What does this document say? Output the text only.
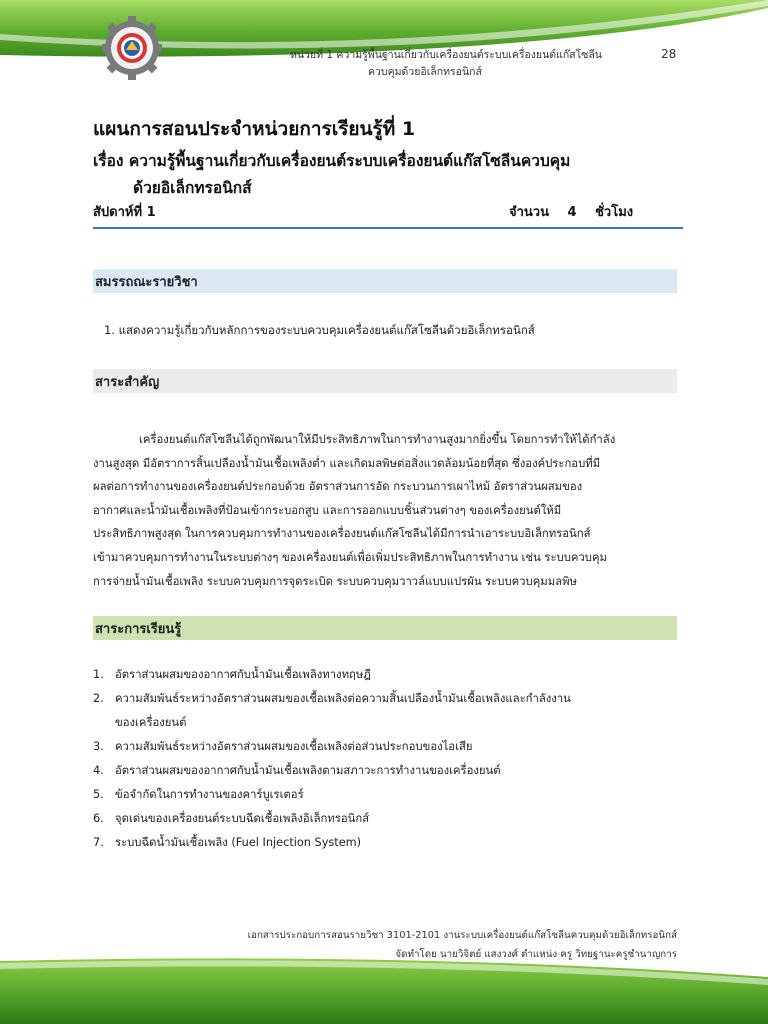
หน่วยที่ 1 ความรู้พื้นฐานเกี่ยวกับเครื่องยนต์ระบบเครื่องยนต์แก๊สโซลีน
ควบคุมด้วยอิเล็กทรอนิกส์
28
แผนการสอนประจำหน่วยการเรียนรู้ที่ 1
เรื่อง ความรู้พื้นฐานเกี่ยวกับเครื่องยนต์ระบบเครื่องยนต์แก๊สโซลีนควบคุม
ด้วยอิเล็กทรอนิกส์
สัปดาห์ที่ 1	จำนวน 4 ชั่วโมง
สมรรถณะรายวิชา
1. แสดงความรู้เกี่ยวกับหลักการของระบบควบคุมเครื่องยนต์แก๊สโซลีนด้วยอิเล็กทรอนิกส์
สาระสำคัญ
เครื่องยนต์แก๊สโซลีนได้ถูกพัฒนาให้มีประสิทธิภาพในการทำงานสูงมากยิ่งขึ้น โดยการทำให้ได้กำลัง
งานสูงสุด มีอัตราการสิ้นเปลืองน้ำมันเชื้อเพลิงต่ำ และเกิดมลพิษต่อสิ่งแวดล้อมน้อยที่สุด ซึ่งองค์ประกอบที่มี
ผลต่อการทำงานของเครื่องยนต์ประกอบด้วย อัตราส่วนการอัด กระบวนการเผาไหม้ อัตราส่วนผสมของ
อากาศและน้ำมันเชื้อเพลิงที่ป้อนเข้ากระบอกสูบ และการออกแบบชิ้นส่วนต่างๆ ของเครื่องยนต์ให้มี
ประสิทธิภาพสูงสุด ในการควบคุมการทำงานของเครื่องยนต์แก๊สโซลีนได้มีการนำเอาระบบอิเล็กทรอนิกส์
เข้ามาควบคุมการทำงานในระบบต่างๆ ของเครื่องยนต์เพื่อเพิ่มประสิทธิภาพในการทำงาน เช่น ระบบควบคุม
การจ่ายน้ำมันเชื้อเพลิง ระบบควบคุมการจุดระเบิด ระบบควบคุมวาวล์แบบแปรผัน ระบบควบคุมมลพิษ
สาระการเรียนรู้
1. อัตราส่วนผสมของอากาศกับน้ำมันเชื้อเพลิงทางทฤษฎี
2. ความสัมพันธ์ระหว่างอัตราส่วนผสมของเชื้อเพลิงต่อความสิ้นเปลืองน้ำมันเชื้อเพลิงและกำลังงาน
ของเครื่องยนต์
3. ความสัมพันธ์ระหว่างอัตราส่วนผสมของเชื้อเพลิงต่อส่วนประกอบของไอเสีย
4. อัตราส่วนผสมของอากาศกับน้ำมันเชื้อเพลิงตามสภาวะการทำงานของเครื่องยนต์
5. ข้อจำกัดในการทำงานของคาร์บูเรเตอร์
6. จุดเด่นของเครื่องยนต์ระบบฉีดเชื้อเพลิงอิเล็กทรอนิกส์
7. ระบบฉีดน้ำมันเชื้อเพลิง (Fuel Injection System)
เอกสารประกอบการสอนรายวิชา 3101-2101 งานระบบเครื่องยนต์แก๊สโซลีนควบคุมด้วยอิเล็กทรอนิกส์
จัดทำโดย นายวิจิตย์ แสงวงศ์ ตำแหน่ง ครู วิทยฐานะครูชำนาญการ
